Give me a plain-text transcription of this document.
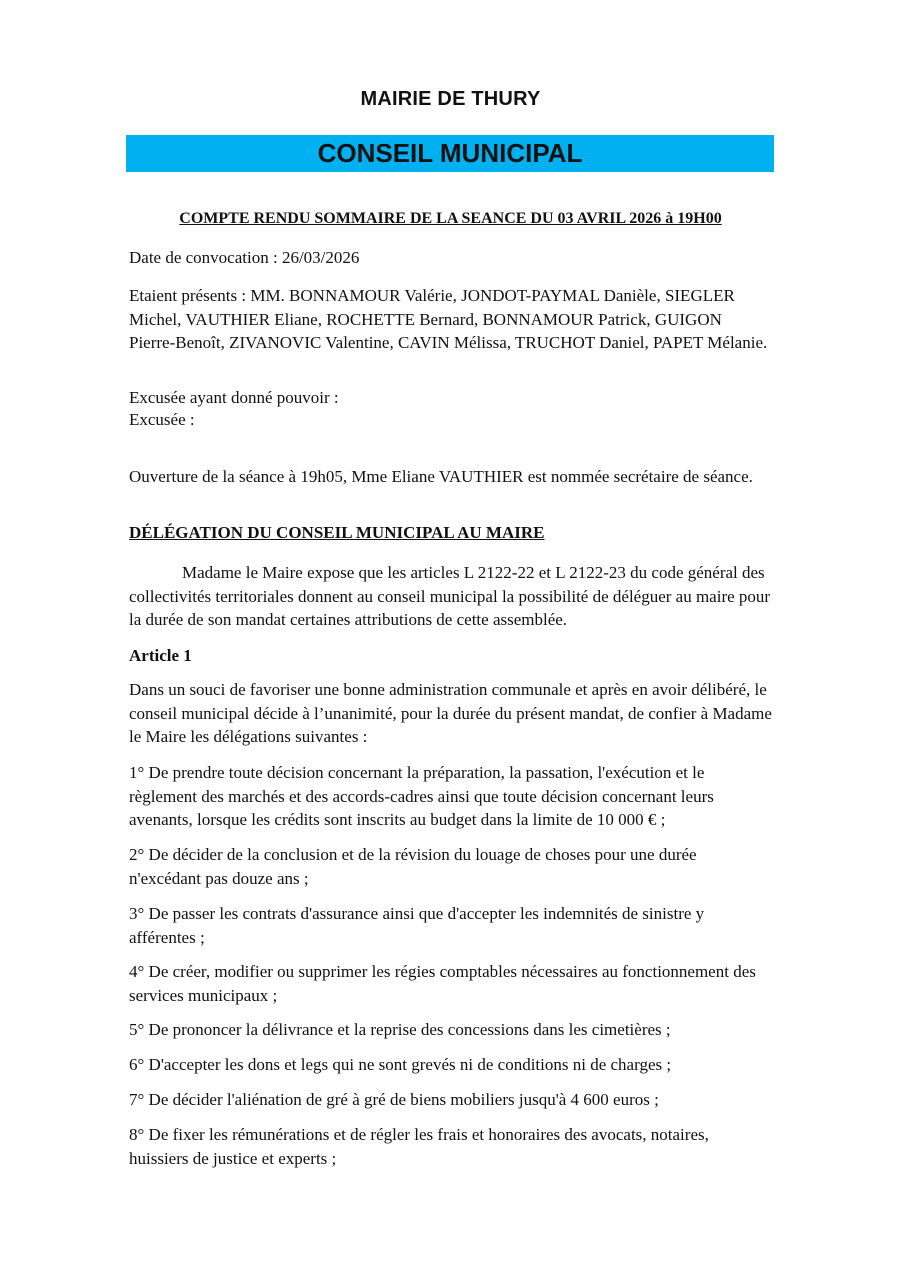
MAIRIE DE THURY
CONSEIL MUNICIPAL
COMPTE RENDU SOMMAIRE DE LA SEANCE DU 03 AVRIL 2026 à 19H00

Date de convocation : 26/03/2026

Etaient présents : MM. BONNAMOUR Valérie, JONDOT-PAYMAL Danièle, SIEGLER Michel, VAUTHIER Eliane, ROCHETTE Bernard, BONNAMOUR Patrick, GUIGON Pierre-Benoît, ZIVANOVIC Valentine, CAVIN Mélissa, TRUCHOT Daniel, PAPET Mélanie.

Excusée ayant donné pouvoir :

Excusée :

Ouverture de la séance à 19h05, Mme Eliane VAUTHIER est nommée secrétaire de séance.

DÉLÉGATION DU CONSEIL MUNICIPAL AU MAIRE

Madame le Maire expose que les articles L 2122-22 et L 2122-23 du code général des collectivités territoriales donnent au conseil municipal la possibilité de déléguer au maire pour la durée de son mandat certaines attributions de cette assemblée.

Article 1

Dans un souci de favoriser une bonne administration communale et après en avoir délibéré, le conseil municipal décide à l’unanimité, pour la durée du présent mandat, de confier à Madame le Maire les délégations suivantes :

1° De prendre toute décision concernant la préparation, la passation, l'exécution et le règlement des marchés et des accords-cadres ainsi que toute décision concernant leurs avenants, lorsque les crédits sont inscrits au budget dans la limite de 10 000 € ;

2° De décider de la conclusion et de la révision du louage de choses pour une durée n'excédant pas douze ans ;

3° De passer les contrats d'assurance ainsi que d'accepter les indemnités de sinistre y afférentes ;

4° De créer, modifier ou supprimer les régies comptables nécessaires au fonctionnement des services municipaux ;

5° De prononcer la délivrance et la reprise des concessions dans les cimetières ;

6° D'accepter les dons et legs qui ne sont grevés ni de conditions ni de charges ;

7° De décider l'aliénation de gré à gré de biens mobiliers jusqu'à 4 600 euros ;

8° De fixer les rémunérations et de régler les frais et honoraires des avocats, notaires, huissiers de justice et experts ;
